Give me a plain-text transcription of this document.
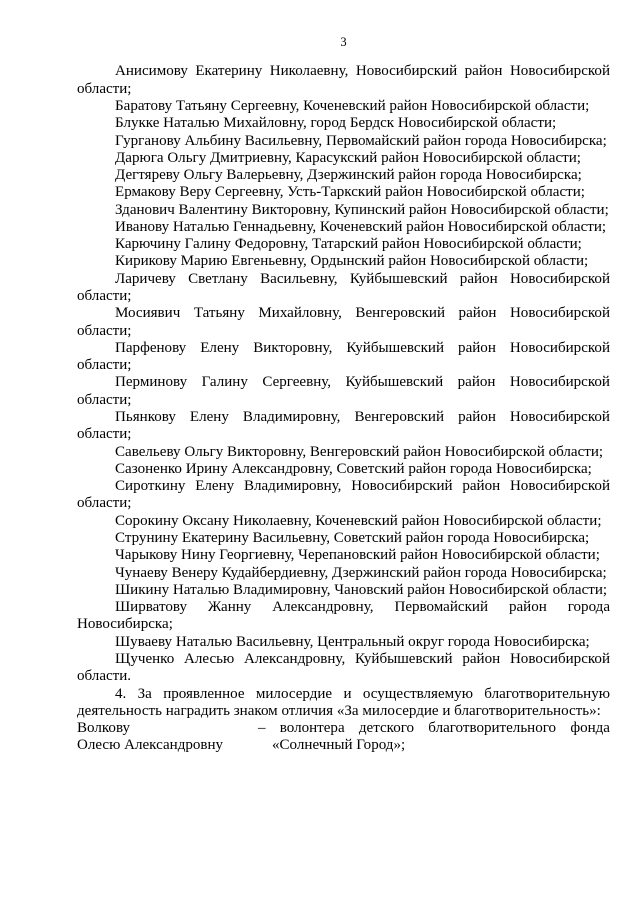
3

Анисимову Екатерину Николаевну, Новосибирский район Новосибирской области;

Баратову Татьяну Сергеевну, Коченевский район Новосибирской области;

Блукке Наталью Михайловну, город Бердск Новосибирской области;

Гурганову Альбину Васильевну, Первомайский район города Новосибирска;

Дарюга Ольгу Дмитриевну, Карасукский район Новосибирской области;

Дегтяреву Ольгу Валерьевну, Дзержинский район города Новосибирска;

Ермакову Веру Сергеевну, Усть-Таркский район Новосибирской области;

Зданович Валентину Викторовну, Купинский район Новосибирской области;

Иванову Наталью Геннадьевну, Коченевский район Новосибирской области;

Карючину Галину Федоровну, Татарский район Новосибирской области;

Кирикову Марию Евгеньевну, Ордынский район Новосибирской области;

Ларичеву Светлану Васильевну, Куйбышевский район Новосибирской области;

Мосиявич Татьяну Михайловну, Венгеровский район Новосибирской области;

Парфенову Елену Викторовну, Куйбышевский район Новосибирской области;

Перминову Галину Сергеевну, Куйбышевский район Новосибирской области;

Пьянкову Елену Владимировну, Венгеровский район Новосибирской области;

Савельеву Ольгу Викторовну, Венгеровский район Новосибирской области;

Сазоненко Ирину Александровну, Советский район города Новосибирска;

Сироткину Елену Владимировну, Новосибирский район Новосибирской области;

Сорокину Оксану Николаевну, Коченевский район Новосибирской области;

Струнину Екатерину Васильевну, Советский район города Новосибирска;

Чарыкову Нину Георгиевну, Черепановский район Новосибирской области;

Чунаеву Венеру Кудайбердиевну, Дзержинский район города Новосибирска;

Шикину Наталью Владимировну, Чановский район Новосибирской области;

Ширватову Жанну Александровну, Первомайский район города Новосибирска;

Шуваеву Наталью Васильевну, Центральный округ города Новосибирска;

Щученко Алесью Александровну, Куйбышевский район Новосибирской области.

4. За проявленное милосердие и осуществляемую благотворительную деятельность наградить знаком отличия «За милосердие и благотворительность»:

Волкову
Олесю Александровну
– волонтера детского благотворительного фонда «Солнечный Город»;
